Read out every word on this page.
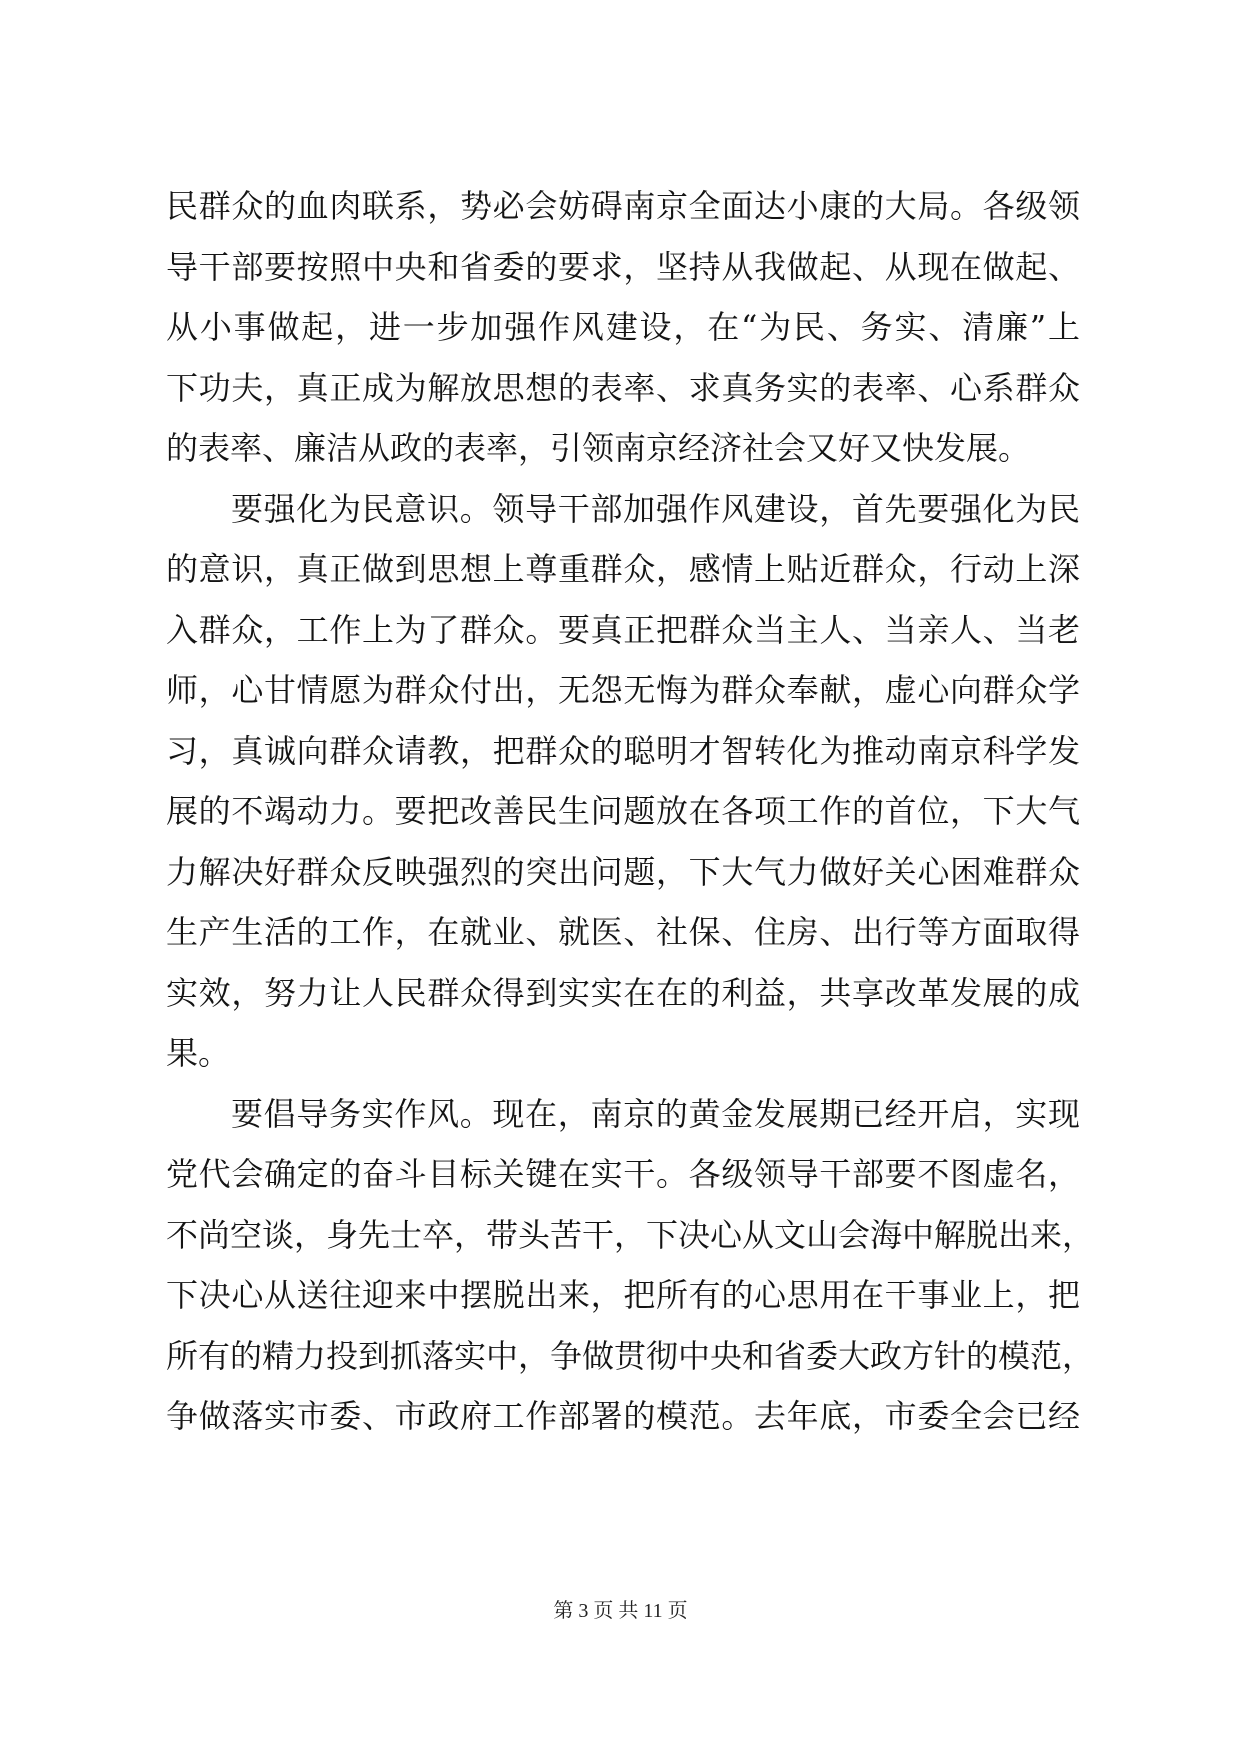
民群众的血肉联系，势必会妨碍南京全面达小康的大局。各级领
导干部要按照中央和省委的要求，坚持从我做起、从现在做起、
从小事做起，进一步加强作风建设，在“为民、务实、清廉”上
下功夫，真正成为解放思想的表率、求真务实的表率、心系群众
的表率、廉洁从政的表率，引领南京经济社会又好又快发展。
要强化为民意识。领导干部加强作风建设，首先要强化为民
的意识，真正做到思想上尊重群众，感情上贴近群众，行动上深
入群众，工作上为了群众。要真正把群众当主人、当亲人、当老
师，心甘情愿为群众付出，无怨无悔为群众奉献，虚心向群众学
习，真诚向群众请教，把群众的聪明才智转化为推动南京科学发
展的不竭动力。要把改善民生问题放在各项工作的首位，下大气
力解决好群众反映强烈的突出问题，下大气力做好关心困难群众
生产生活的工作，在就业、就医、社保、住房、出行等方面取得
实效，努力让人民群众得到实实在在的利益，共享改革发展的成
果。
要倡导务实作风。现在，南京的黄金发展期已经开启，实现
党代会确定的奋斗目标关键在实干。各级领导干部要不图虚名，
不尚空谈，身先士卒，带头苦干，下决心从文山会海中解脱出来，
下决心从送往迎来中摆脱出来，把所有的心思用在干事业上，把
所有的精力投到抓落实中，争做贯彻中央和省委大政方针的模范，
争做落实市委、市政府工作部署的模范。去年底，市委全会已经
第 3 页 共 11 页
